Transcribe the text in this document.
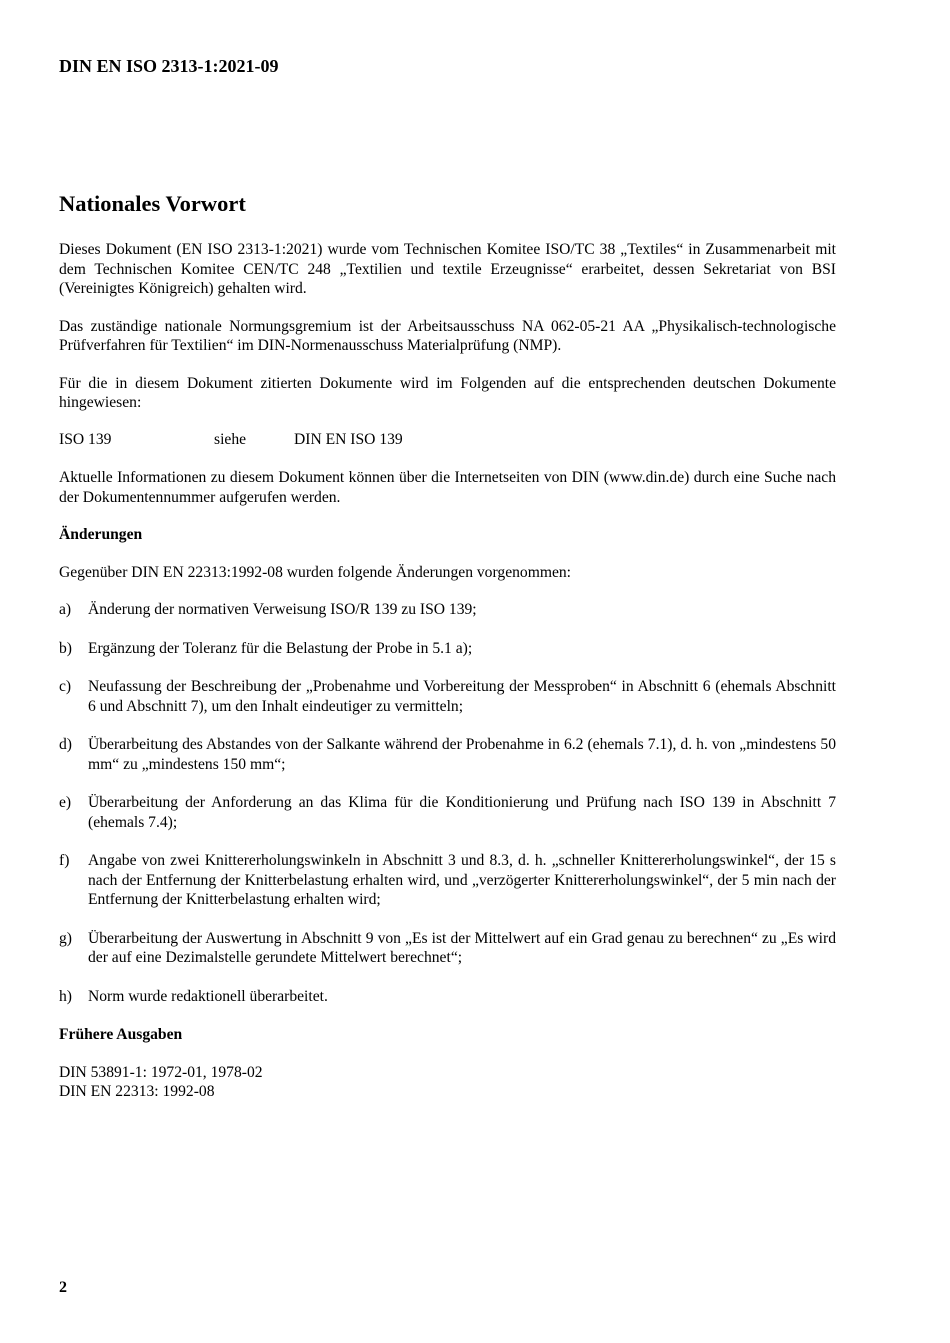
DIN EN ISO 2313-1:2021-09

Nationales Vorwort

Dieses Dokument (EN ISO 2313-1:2021) wurde vom Technischen Komitee ISO/TC 38 „Textiles“ in Zusammenarbeit mit dem Technischen Komitee CEN/TC 248 „Textilien und textile Erzeugnisse“ erarbeitet, dessen Sekretariat von BSI (Vereinigtes Königreich) gehalten wird.

Das zuständige nationale Normungsgremium ist der Arbeitsausschuss NA 062-05-21 AA „Physikalisch-technologische Prüfverfahren für Textilien“ im DIN-Normenausschuss Materialprüfung (NMP).

Für die in diesem Dokument zitierten Dokumente wird im Folgenden auf die entsprechenden deutschen Dokumente hingewiesen:

ISO 139	siehe	DIN EN ISO 139

Aktuelle Informationen zu diesem Dokument können über die Internetseiten von DIN (www.din.de) durch eine Suche nach der Dokumentennummer aufgerufen werden.

Änderungen

Gegenüber DIN EN 22313:1992-08 wurden folgende Änderungen vorgenommen:

a)	Änderung der normativen Verweisung ISO/R 139 zu ISO 139;
b)	Ergänzung der Toleranz für die Belastung der Probe in 5.1 a);
c)	Neufassung der Beschreibung der „Probenahme und Vorbereitung der Messproben“ in Abschnitt 6 (ehemals Abschnitt 6 und Abschnitt 7), um den Inhalt eindeutiger zu vermitteln;
d)	Überarbeitung des Abstandes von der Salkante während der Probenahme in 6.2 (ehemals 7.1), d. h. von „mindestens 50 mm“ zu „mindestens 150 mm“;
e)	Überarbeitung der Anforderung an das Klima für die Konditionierung und Prüfung nach ISO 139 in Abschnitt 7 (ehemals 7.4);
f)	Angabe von zwei Knittererholungswinkeln in Abschnitt 3 und 8.3, d. h. „schneller Knittererholungswinkel“, der 15 s nach der Entfernung der Knitterbelastung erhalten wird, und „verzögerter Knittererholungswinkel“, der 5 min nach der Entfernung der Knitterbelastung erhalten wird;
g)	Überarbeitung der Auswertung in Abschnitt 9 von „Es ist der Mittelwert auf ein Grad genau zu berechnen“ zu „Es wird der auf eine Dezimalstelle gerundete Mittelwert berechnet“;
h)	Norm wurde redaktionell überarbeitet.

Frühere Ausgaben

DIN 53891-1: 1972-01, 1978-02

DIN EN 22313: 1992-08

2
